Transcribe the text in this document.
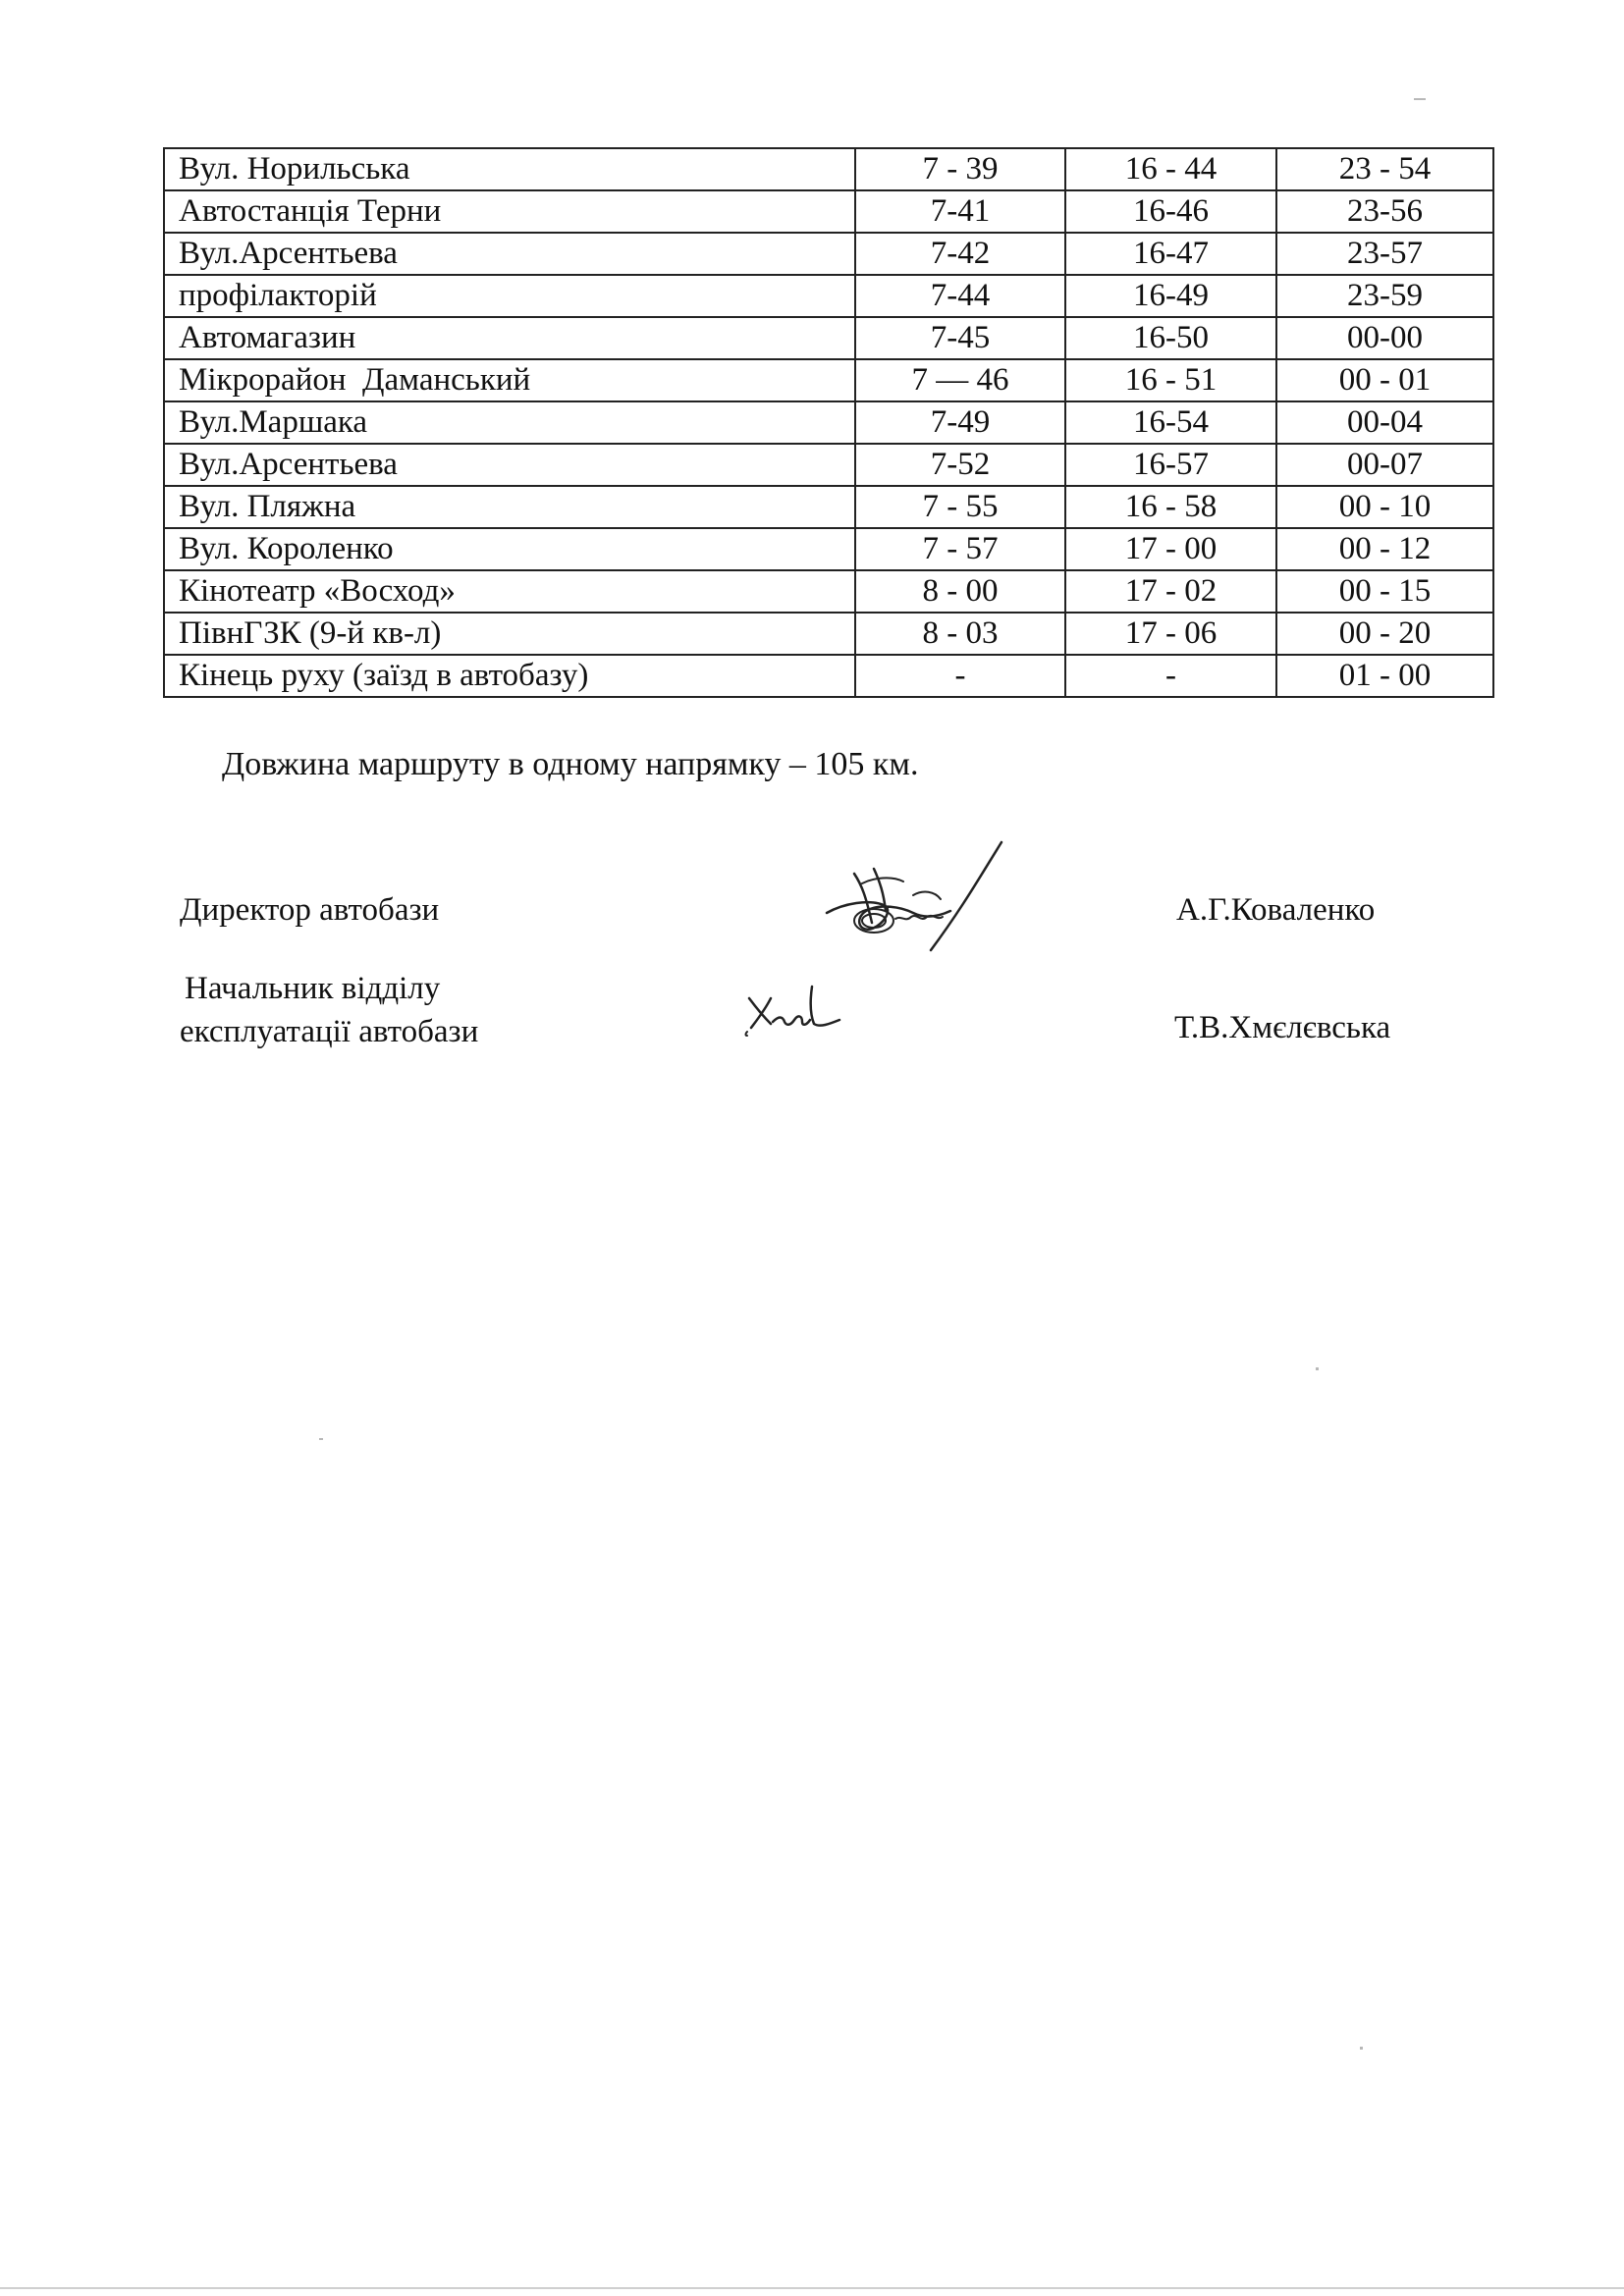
Вул. Норильська	7 - 39	16 - 44	23 - 54
Автостанція Терни	7-41	16-46	23-56
Вул.Арсентьева	7-42	16-47	23-57
профілакторій	7-44	16-49	23-59
Автомагазин	7-45	16-50	00-00
Мікрорайон  Даманський	7 — 46	16 - 51	00 - 01
Вул.Маршака	7-49	16-54	00-04
Вул.Арсентьева	7-52	16-57	00-07
Вул. Пляжна	7 - 55	16 - 58	00 - 10
Вул. Короленко	7 - 57	17 - 00	00 - 12
Кінотеатр «Восход»	8 - 00	17 - 02	00 - 15
ПівнГЗК (9-й кв-л)	8 - 03	17 - 06	00 - 20
Кінець руху (заїзд в автобазу)	-	-	01 - 00
Довжина маршруту в одному напрямку – 105 км.
Директор автобази	А.Г.Коваленко
Начальник відділу
експлуатації автобази	Т.В.Хмєлєвська
